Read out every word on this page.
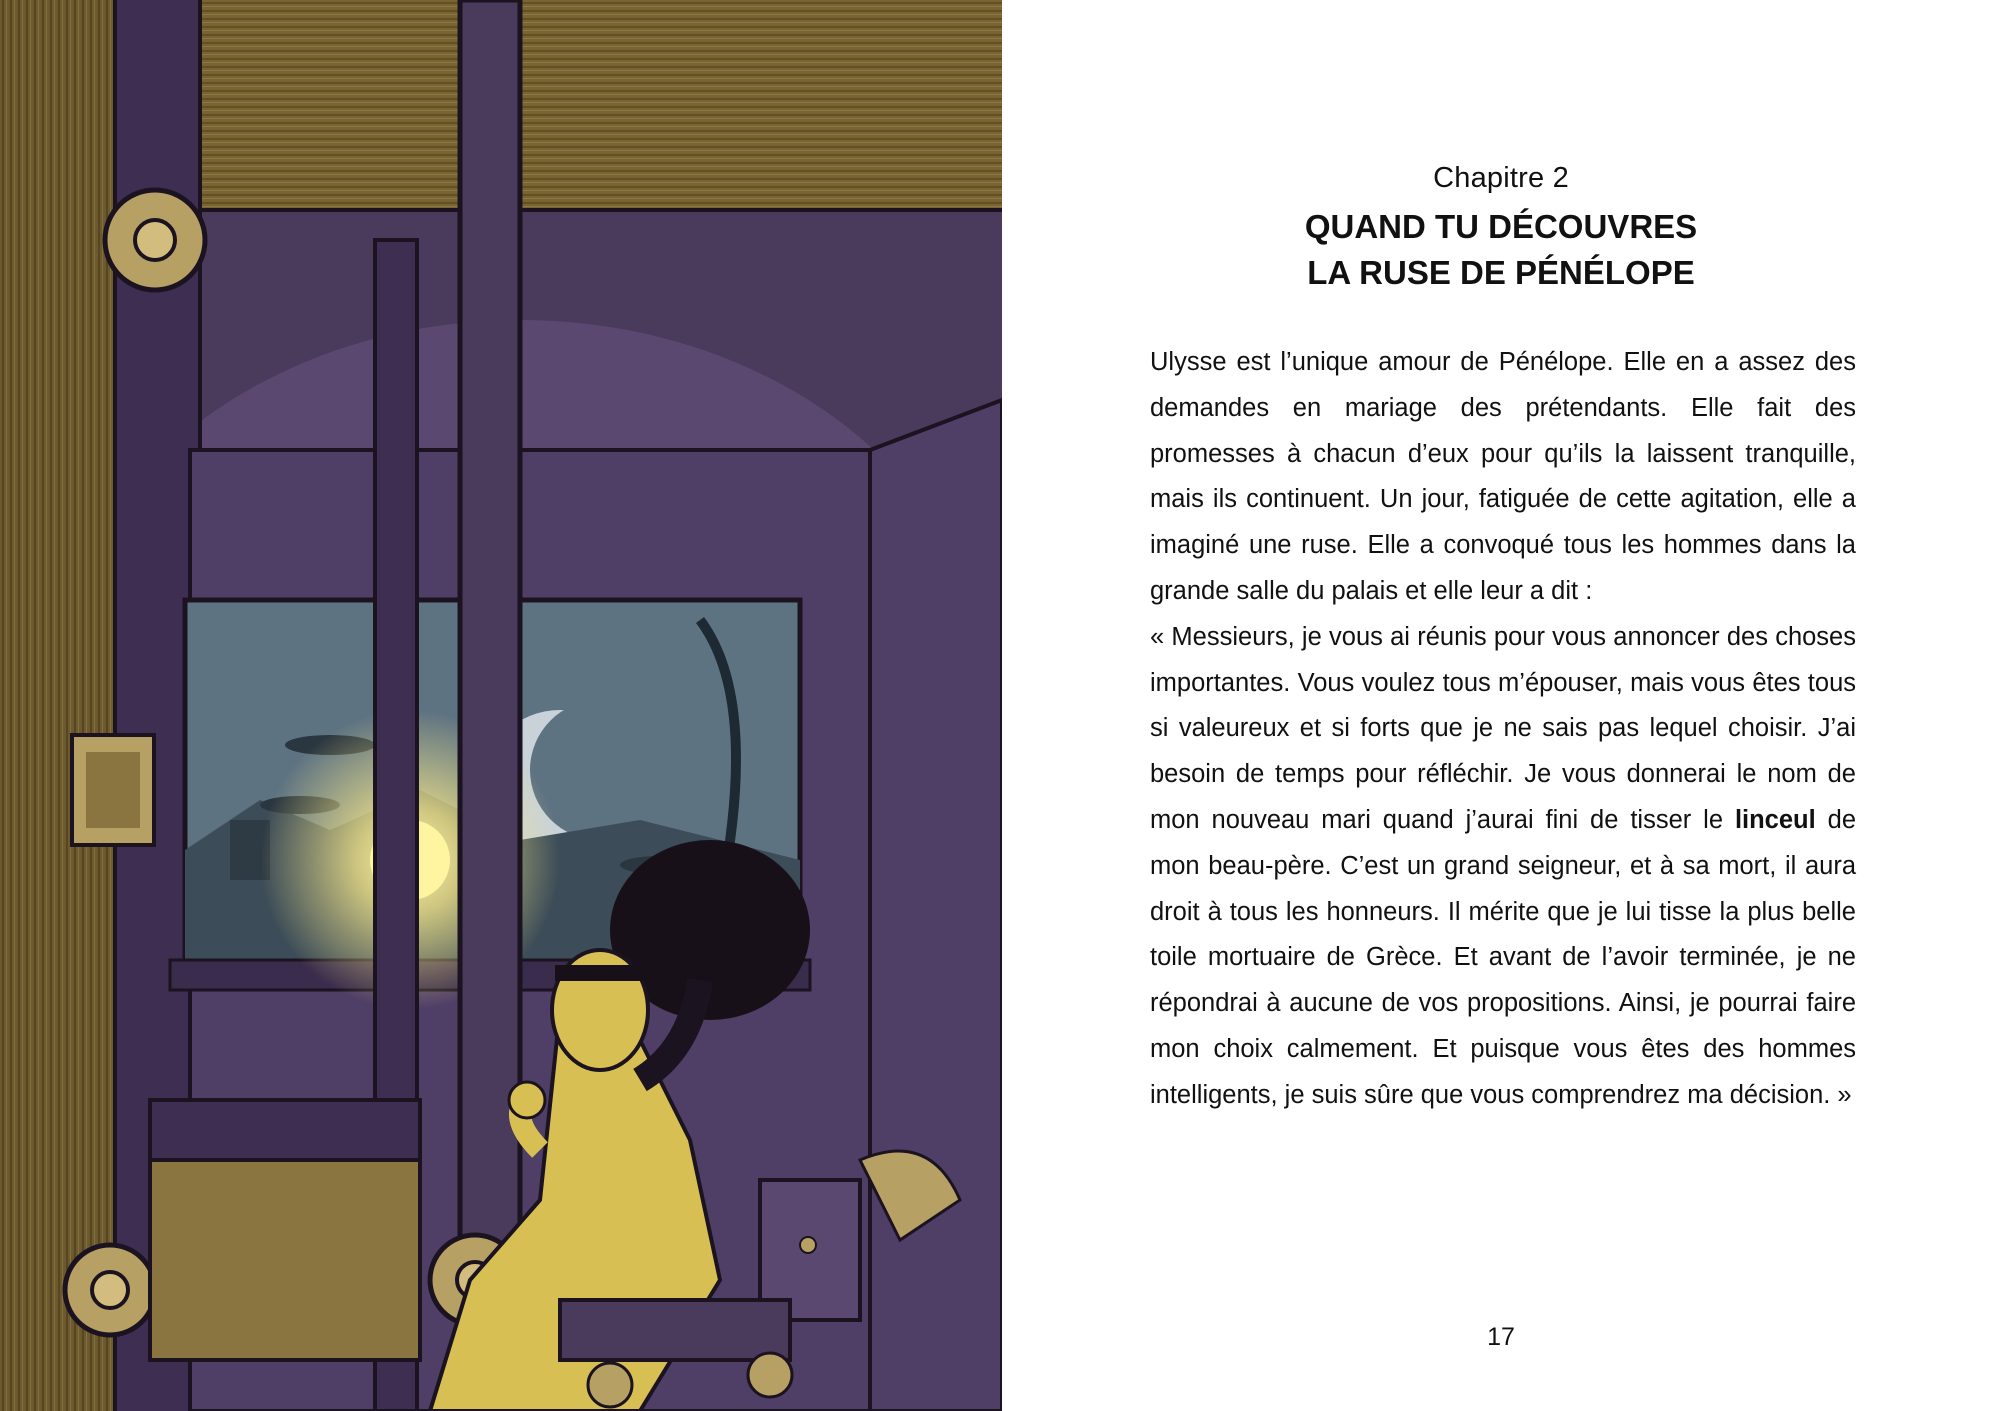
Chapitre 2
QUAND TU DÉCOUVRES
LA RUSE DE PÉNÉLOPE

Ulysse est l’unique amour de Pénélope. Elle en a assez des demandes en mariage des prétendants. Elle fait des promesses à chacun d’eux pour qu’ils la laissent tranquille, mais ils continuent. Un jour, fatiguée de cette agitation, elle a imaginé une ruse. Elle a convoqué tous les hommes dans la grande salle du palais et elle leur a dit :

« Messieurs, je vous ai réunis pour vous annoncer des choses importantes. Vous voulez tous m’épouser, mais vous êtes tous si valeureux et si forts que je ne sais pas lequel choisir. J’ai besoin de temps pour réfléchir. Je vous donnerai le nom de mon nouveau mari quand j’aurai fini de tisser le linceul de mon beau-père. C’est un grand seigneur, et à sa mort, il aura droit à tous les honneurs. Il mérite que je lui tisse la plus belle toile mortuaire de Grèce. Et avant de l’avoir terminée, je ne répondrai à aucune de vos propositions. Ainsi, je pourrai faire mon choix calmement. Et puisque vous êtes des hommes intelligents, je suis sûre que vous comprendrez ma décision. »

17
